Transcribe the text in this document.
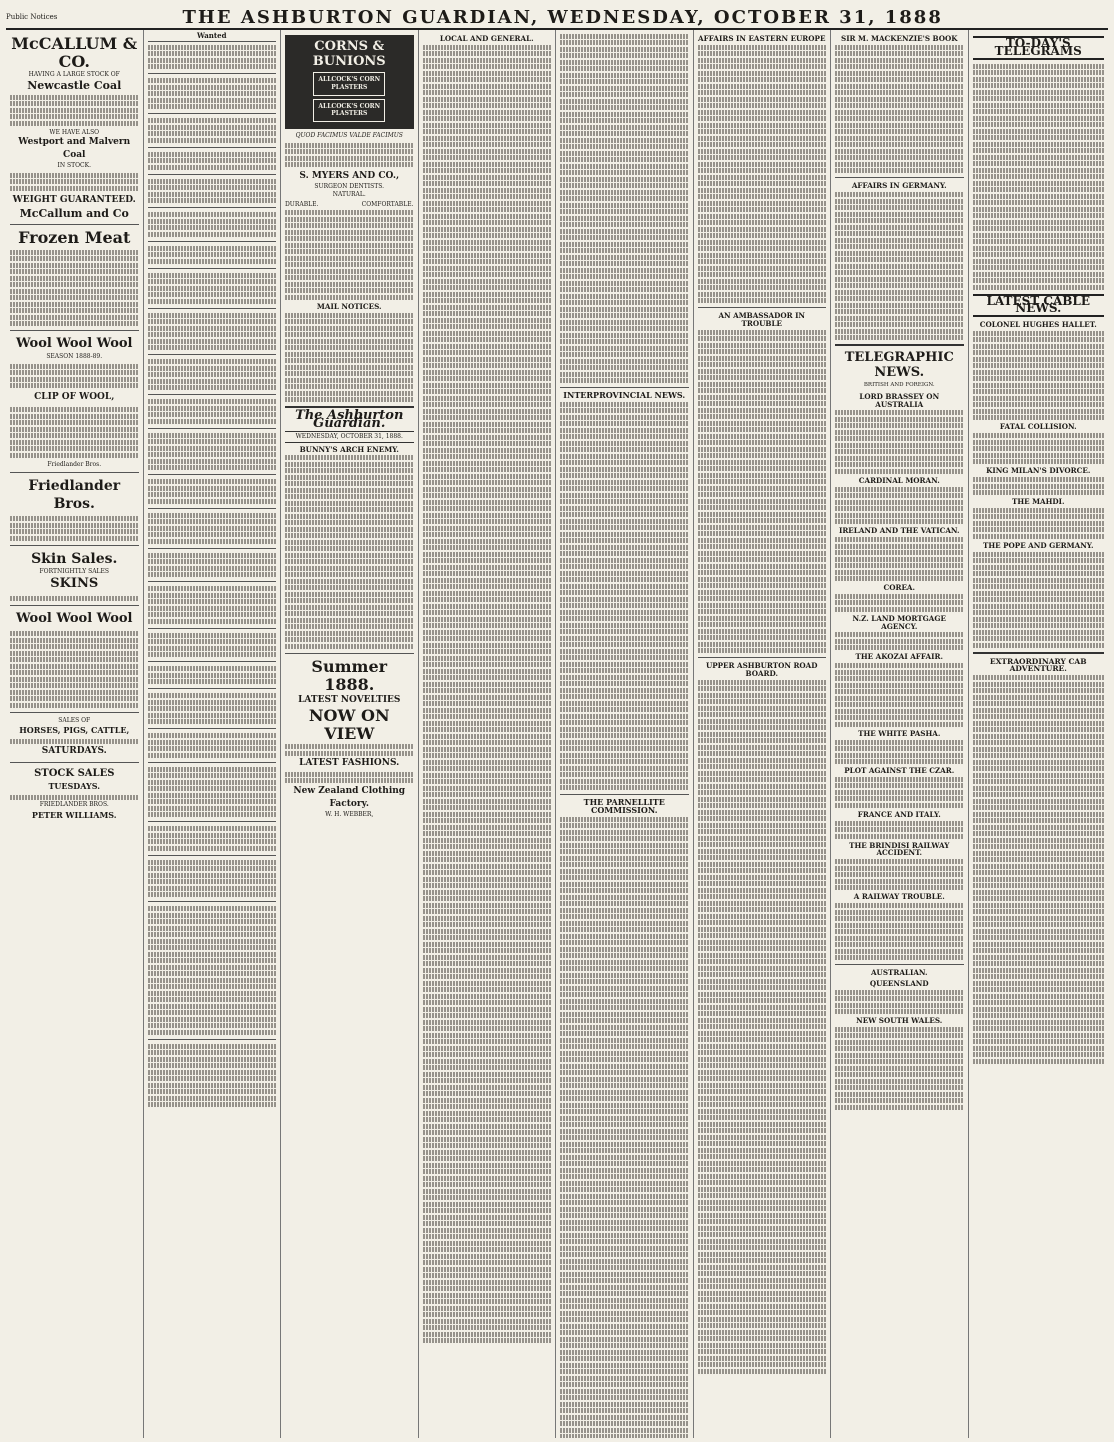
Public Notices	THE ASHBURTON GUARDIAN, WEDNESDAY, OCTOBER 31, 1888
McCALLUM & CO.
HAVING A LARGE STOCK OF
Newcastle Coal
WE HAVE ALSO
Westport and Malvern Coal
IN STOCK.
WEIGHT GUARANTEED.
McCallum and Co
Frozen Meat
Wool Wool Wool
SEASON 1888-89.
CLIP OF WOOL,
Friedlander Bros.
Friedlander Bros.
Skin Sales.
FORTNIGHTLY SALES
SKINS
Wool Wool Wool
SALES OF
HORSES, PIGS, CATTLE,
SATURDAYS.
STOCK SALES
TUESDAYS.
FRIEDLANDER BROS.
PETER WILLIAMS.
Wanted
CORNS & BUNIONS
ALLCOCK'S CORN PLASTERS
ALLCOCK'S CORN PLASTERS
QUOD FACIMUS VALDE FACIMUS
S. MYERS AND CO.,
SURGEON DENTISTS.
NATURAL.
DURABLE.	COMFORTABLE.
MAIL NOTICES.
The Ashburton Guardian.
WEDNESDAY, OCTOBER 31, 1888.
BUNNY'S ARCH ENEMY.
Summer 1888.
LATEST NOVELTIES
NOW ON VIEW
LATEST FASHIONS.
New Zealand Clothing Factory.
W. H. WEBBER,
LOCAL AND GENERAL.
INTERPROVINCIAL NEWS.
THE PARNELLITE COMMISSION.
AFFAIRS IN EASTERN EUROPE
AN AMBASSADOR IN TROUBLE
UPPER ASHBURTON ROAD BOARD.
SIR M. MACKENZIE'S BOOK
AFFAIRS IN GERMANY.
TELEGRAPHIC NEWS.
BRITISH AND FOREIGN.
LORD BRASSEY ON AUSTRALIA
CARDINAL MORAN.
IRELAND AND THE VATICAN.
COREA.
N.Z. LAND MORTGAGE AGENCY.
THE AKOZAI AFFAIR.
THE WHITE PASHA.
PLOT AGAINST THE CZAR.
FRANCE AND ITALY.
THE BRINDISI RAILWAY ACCIDENT.
A RAILWAY TROUBLE.
AUSTRALIAN.
QUEENSLAND
NEW SOUTH WALES.
TO-DAY'S TELEGRAMS
LATEST CABLE NEWS.
COLONEL HUGHES HALLET.
FATAL COLLISION.
KING MILAN'S DIVORCE.
THE MAHDI.
THE POPE AND GERMANY.
EXTRAORDINARY CAB ADVENTURE.
